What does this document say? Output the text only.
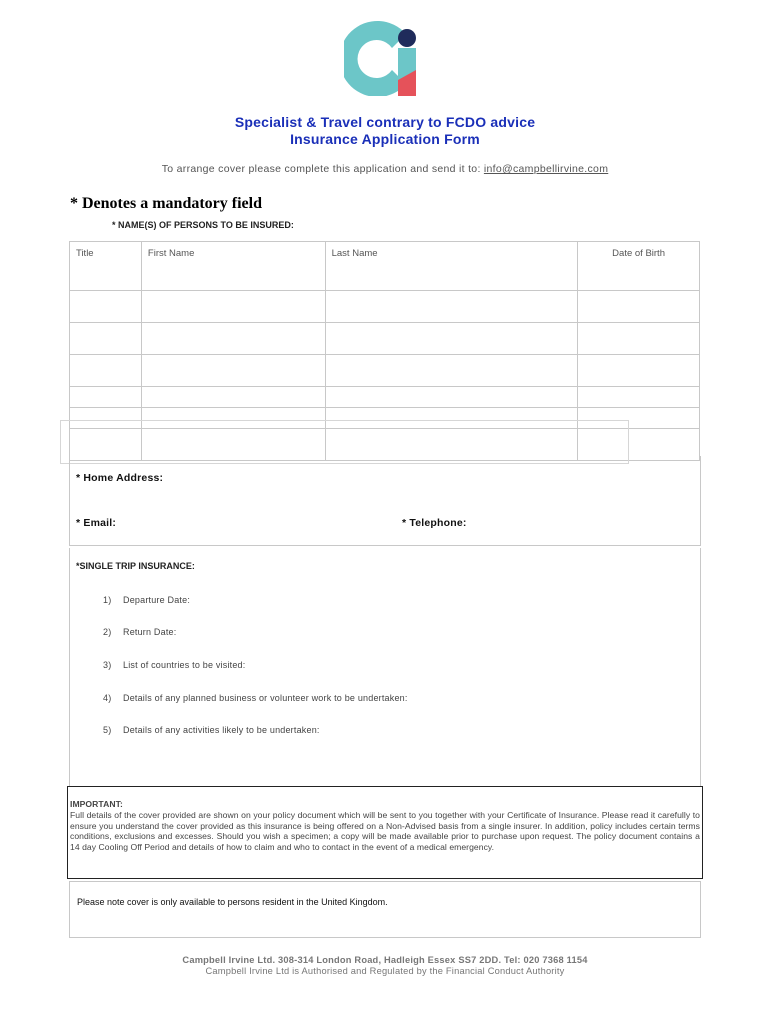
Specialist & Travel contrary to FCDO advice
Insurance Application Form
To arrange cover please complete this application and send it to: info@campbellirvine.com
* Denotes a mandatory field
* NAME(S) OF PERSONS TO BE INSURED:
Title	First Name	Last Name	Date of Birth

* Home Address:
* Email:	* Telephone:
*SINGLE TRIP INSURANCE:
1) Departure Date:
2) Return Date:
3) List of countries to be visited:
4) Details of any planned business or volunteer work to be undertaken:
5) Details of any activities likely to be undertaken:
IMPORTANT:
Full details of the cover provided are shown on your policy document which will be sent to you together with your Certificate of Insurance. Please read it carefully to ensure you understand the cover provided as this insurance is being offered on a Non-Advised basis from a single insurer. In addition, policy includes certain terms conditions, exclusions and excesses. Should you wish a specimen; a copy will be made available prior to purchase upon request. The policy document contains a 14 day Cooling Off Period and details of how to claim and who to contact in the event of a medical emergency.
Please note cover is only available to persons resident in the United Kingdom.
Campbell Irvine Ltd. 308-314 London Road, Hadleigh Essex SS7 2DD. Tel: 020 7368 1154
Campbell Irvine Ltd is Authorised and Regulated by the Financial Conduct Authority
